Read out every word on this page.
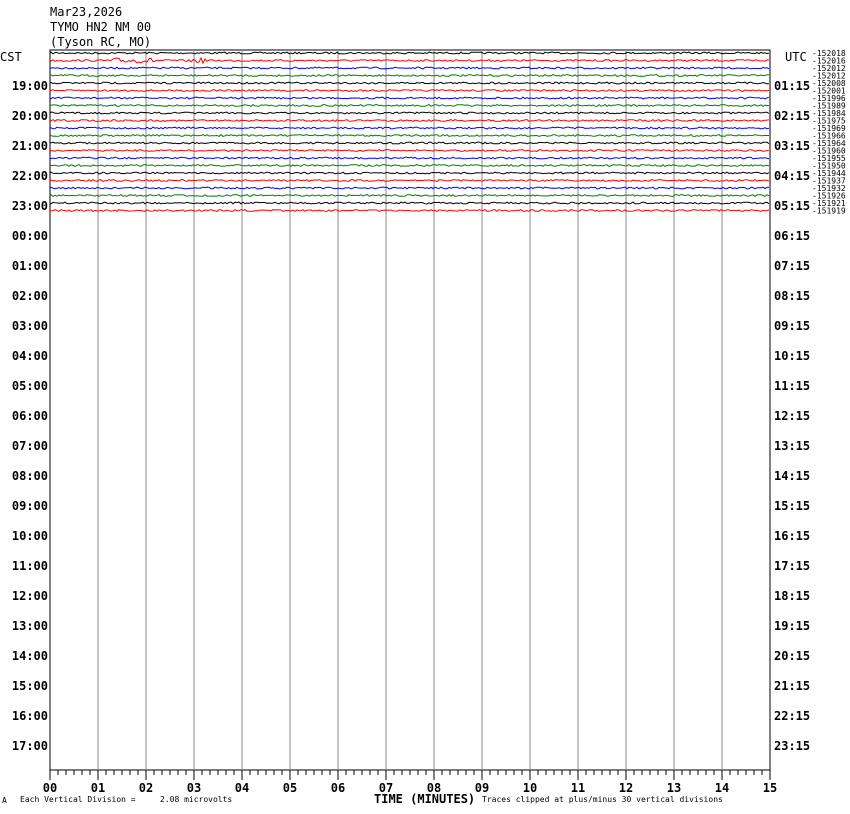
Mar23,2026
TYMO HN2 NM 00
(Tyson RC, MO)
CST	UTC -152018
-152016
-152012
-152012
-152008
-152001
-151996
-151989
-151984
-151975
-151969
-151966
-151964
-151960
-151955
-151950
-151944
-151937
-151932
-151926
-151921
-151919
19:00
20:00
21:00
22:00
23:00
00:00
01:00
02:00
03:00
04:00
05:00
06:00
07:00
08:00
09:00
10:00
11:00
12:00
13:00
14:00
15:00
16:00
17:00
01:15
02:15
03:15
04:15
05:15
06:15
07:15
08:15
09:15
10:15
11:15
12:15
13:15
14:15
15:15
16:15
17:15
18:15
19:15
20:15
21:15
22:15
23:15
00	01	02	03	04	05	06	07	08	09	10	11	12	13	14	15
A Each Vertical Division =	2.08 microvolts	TIME (MINUTES) Traces clipped at plus/minus 30 vertical divisions
